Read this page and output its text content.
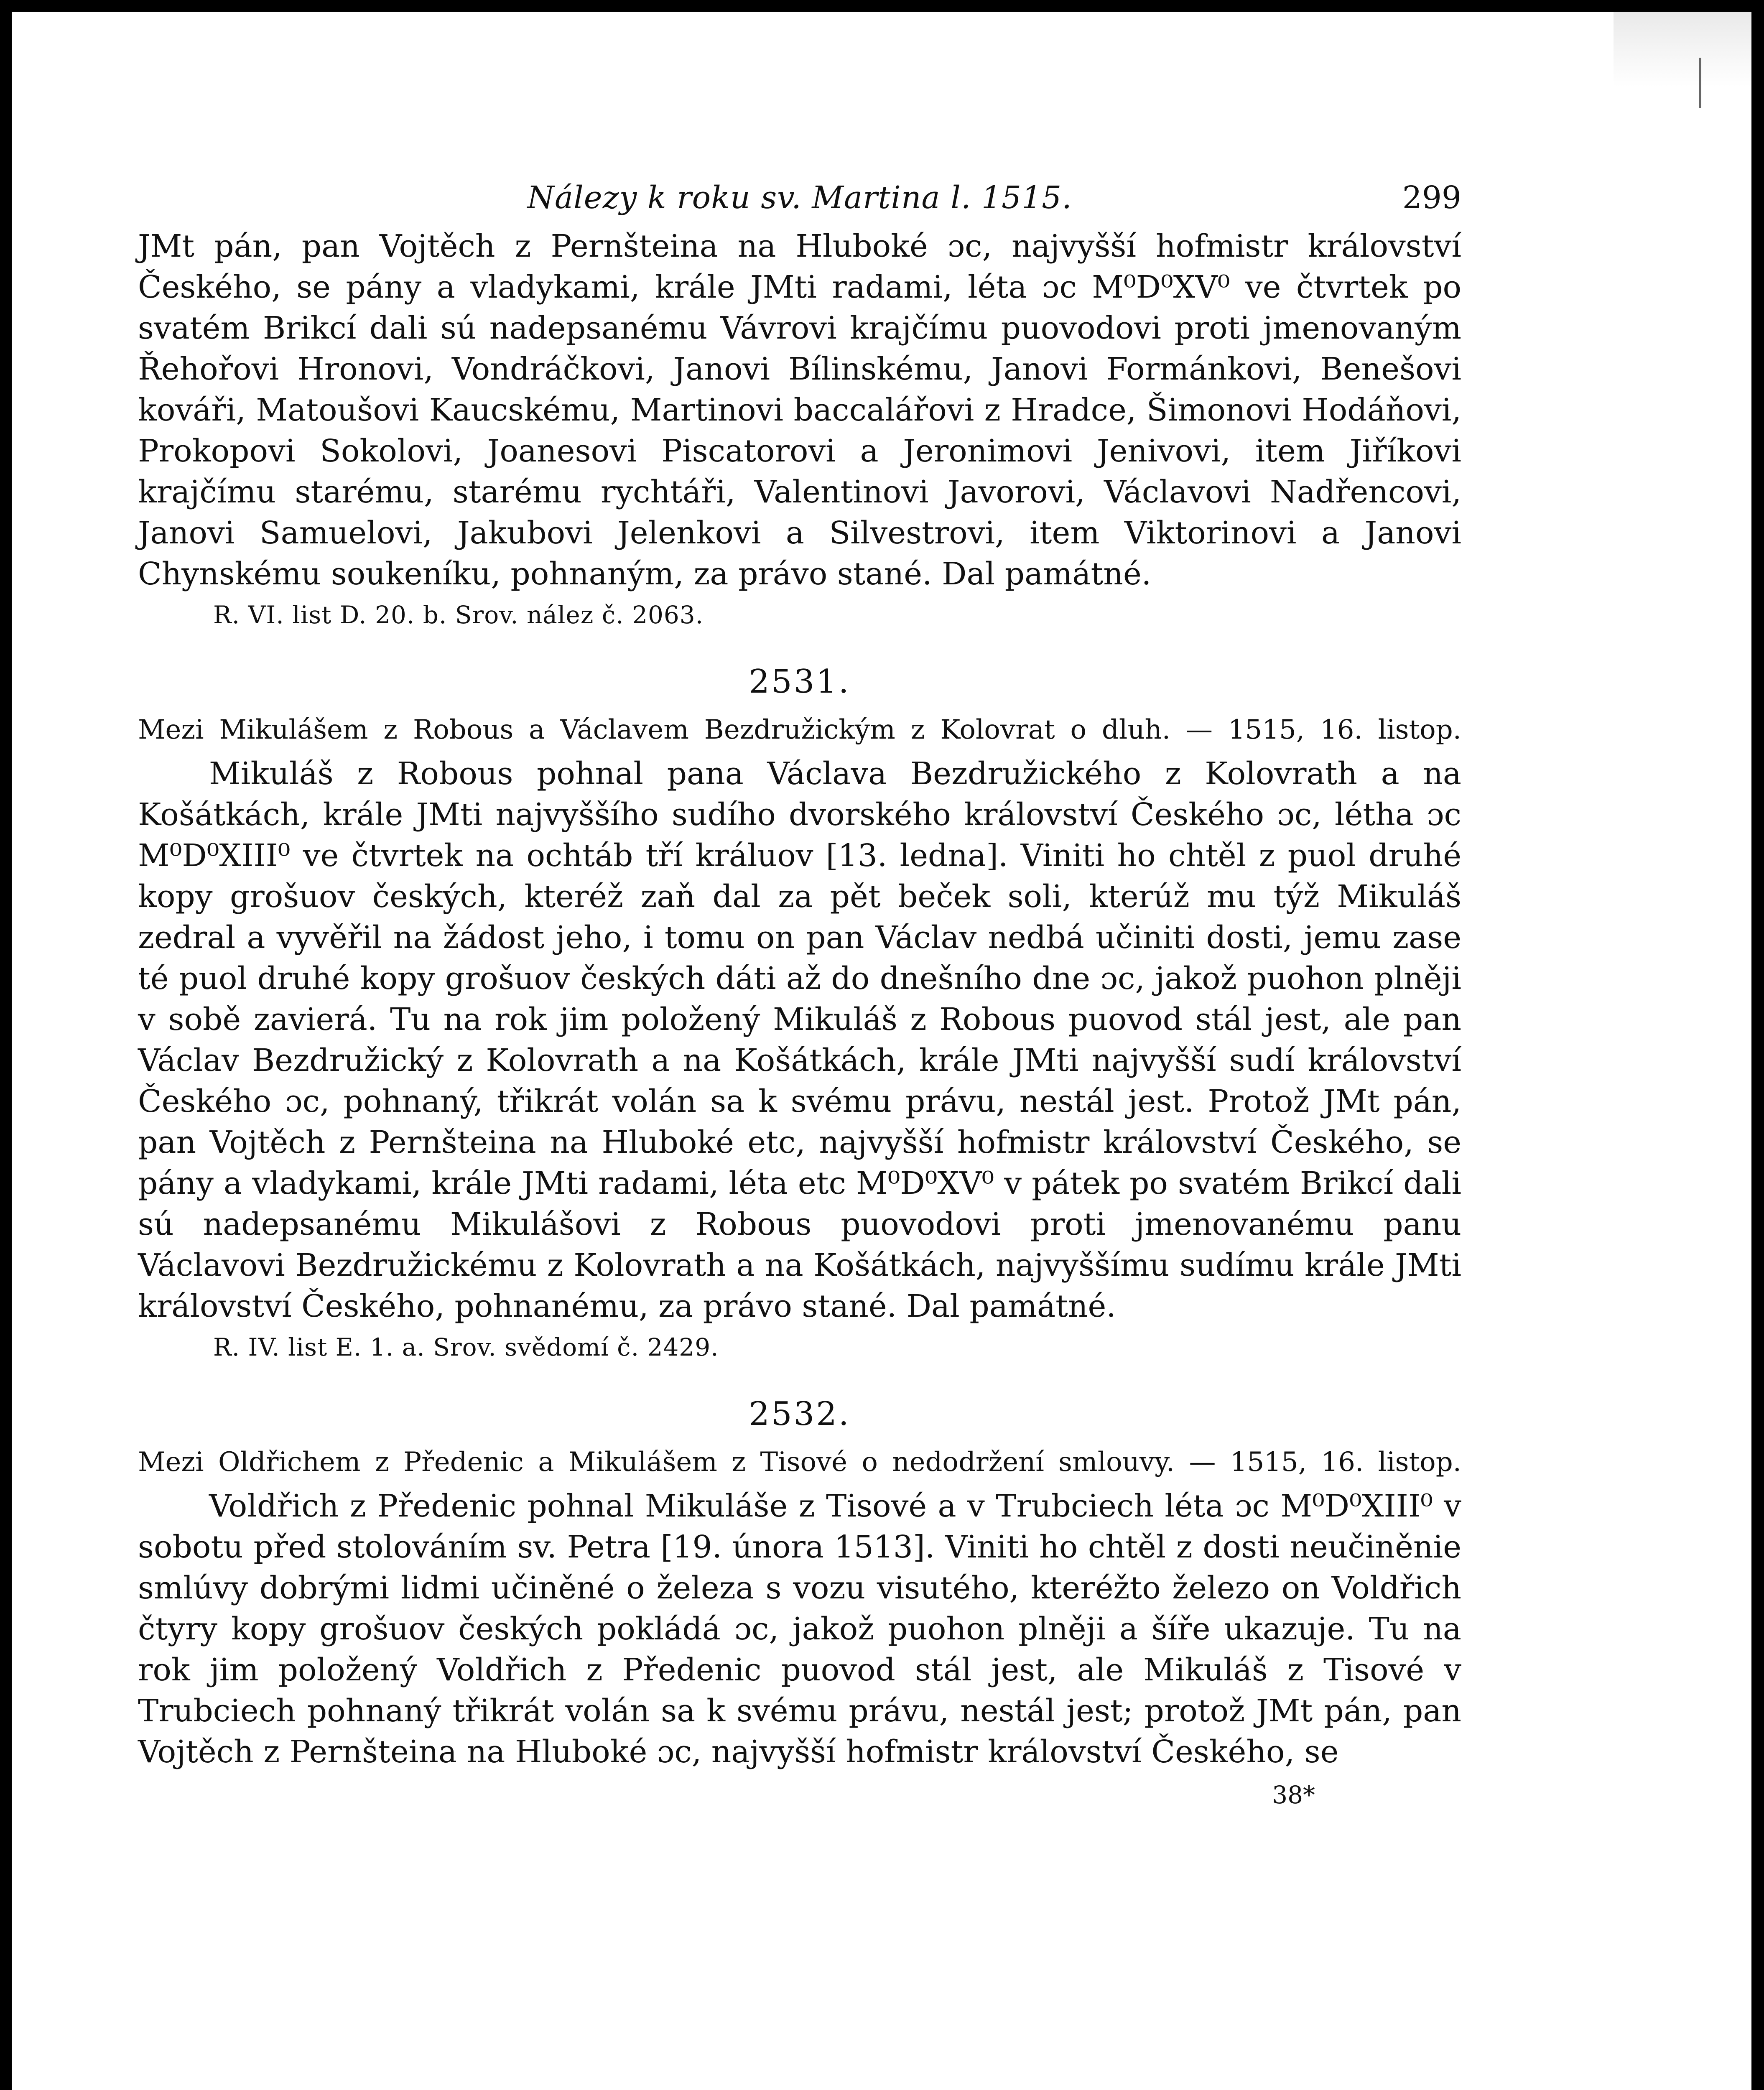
Nálezy k roku sv. Martina l. 1515.	299

JMt pán, pan Vojtěch z Pernšteina na Hluboké ɔc, najvyšší hofmistr království Českého, se pány a vladykami, krále JMti radami, léta ɔc M⁰D⁰XV⁰ ve čtvrtek po svatém Brikcí dali sú nadepsanému Vávrovi krajčímu puovodovi proti jmenovaným Řehořovi Hronovi, Vondráčkovi, Janovi Bílinskému, Janovi Formánkovi, Benešovi kováři, Matoušovi Kaucskému, Martinovi baccalářovi z Hradce, Šimonovi Hodáňovi, Prokopovi Sokolovi, Joanesovi Piscatorovi a Jeronimovi Jenivovi, item Jiříkovi krajčímu starému, starému rychtáři, Valentinovi Javorovi, Václavovi Nadřencovi, Janovi Samuelovi, Jakubovi Jelenkovi a Silvestrovi, item Viktorinovi a Janovi Chynskému soukeníku, pohnaným, za právo stané. Dal památné.

R. VI. list D. 20. b. Srov. nález č. 2063.

2531.

Mezi Mikulášem z Robous a Václavem Bezdružickým z Kolovrat o dluh. — 1515, 16. listop.

Mikuláš z Robous pohnal pana Václava Bezdružického z Kolovrath a na Košátkách, krále JMti najvyššího sudího dvorského království Českého ɔc, létha ɔc M⁰D⁰XIII⁰ ve čtvrtek na ochtáb tří králuov [13. ledna]. Viniti ho chtěl z puol druhé kopy grošuov českých, kteréž zaň dal za pět beček soli, kterúž mu týž Mikuláš zedral a vyvěřil na žádost jeho, i tomu on pan Václav nedbá učiniti dosti, jemu zase té puol druhé kopy grošuov českých dáti až do dnešního dne ɔc, jakož puohon plněji v sobě zavierá. Tu na rok jim položený Mikuláš z Robous puovod stál jest, ale pan Václav Bezdružický z Kolovrath a na Košátkách, krále JMti najvyšší sudí království Českého ɔc, pohnaný, třikrát volán sa k svému právu, nestál jest. Protož JMt pán, pan Vojtěch z Pernšteina na Hluboké etc, najvyšší hofmistr království Českého, se pány a vladykami, krále JMti radami, léta etc M⁰D⁰XV⁰ v pátek po svatém Brikcí dali sú nadepsanému Mikulášovi z Robous puovodovi proti jmenovanému panu Václavovi Bezdružickému z Kolovrath a na Košátkách, najvyššímu sudímu krále JMti království Českého, pohnanému, za právo stané. Dal památné.

R. IV. list E. 1. a. Srov. svědomí č. 2429.

2532.

Mezi Oldřichem z Předenic a Mikulášem z Tisové o nedodržení smlouvy. — 1515, 16. listop.

Voldřich z Předenic pohnal Mikuláše z Tisové a v Trubciech léta ɔc M⁰D⁰XIII⁰ v sobotu před stolováním sv. Petra [19. února 1513]. Viniti ho chtěl z dosti neučiněnie smlúvy dobrými lidmi učiněné o železa s vozu visutého, kteréžto železo on Voldřich čtyry kopy grošuov českých pokládá ɔc, jakož puohon plněji a šíře ukazuje. Tu na rok jim položený Voldřich z Předenic puovod stál jest, ale Mikuláš z Tisové v Trubciech pohnaný třikrát volán sa k svému právu, nestál jest; protož JMt pán, pan Vojtěch z Pernšteina na Hluboké ɔc, najvyšší hofmistr království Českého, se

38*
